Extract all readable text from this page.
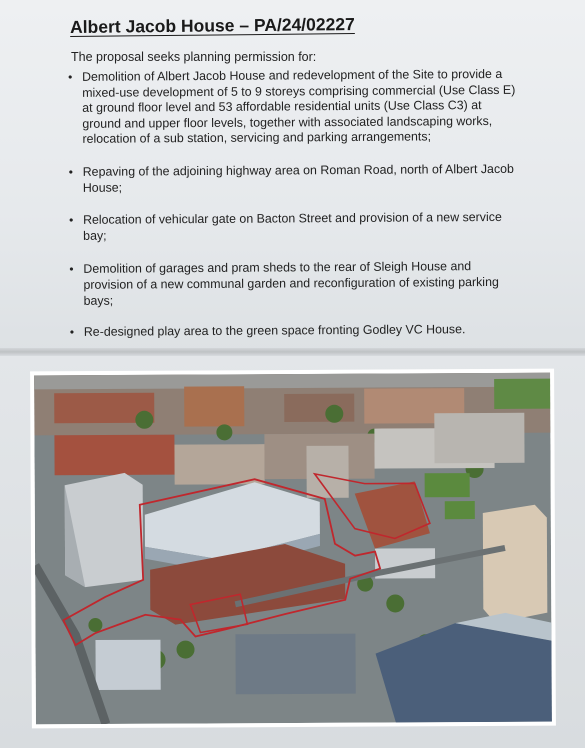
Albert Jacob House – PA/24/02227
The proposal seeks planning permission for:
• Demolition of Albert Jacob House and redevelopment of the Site to provide a
mixed-use development of 5 to 9 storeys comprising commercial (Use Class E)
at ground floor level and 53 affordable residential units (Use Class C3) at
ground and upper floor levels, together with associated landscaping works,
relocation of a sub station, servicing and parking arrangements;
• Repaving of the adjoining highway area on Roman Road, north of Albert Jacob
House;
• Relocation of vehicular gate on Bacton Street and provision of a new service
bay;
• Demolition of garages and pram sheds to the rear of Sleigh House and
provision of a new communal garden and reconfiguration of existing parking
bays;
• Re-designed play area to the green space fronting Godley VC House.
